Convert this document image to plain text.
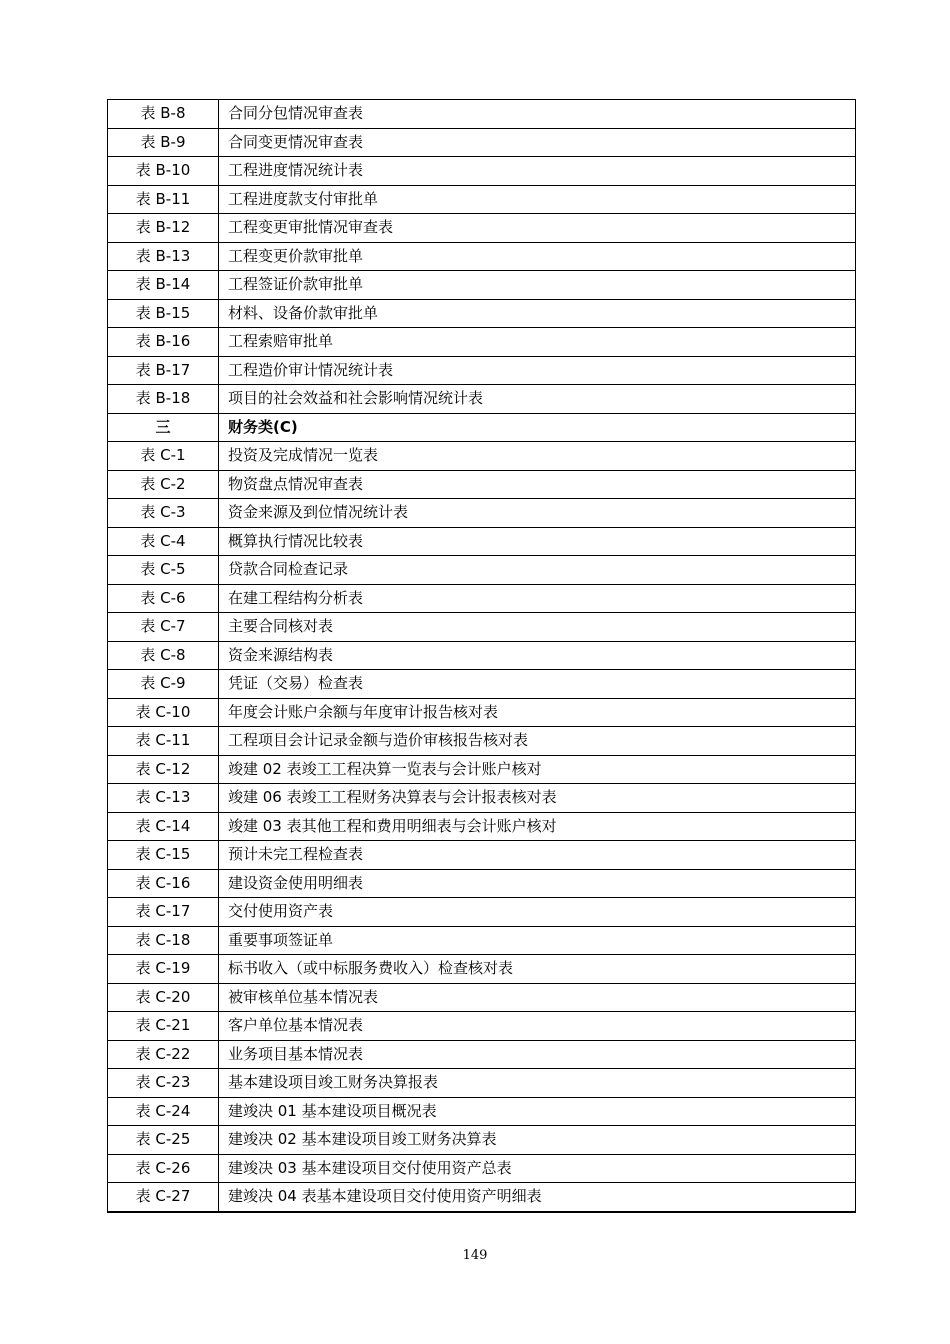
表 B-8	合同分包情况审查表
表 B-9	合同变更情况审查表
表 B-10	工程进度情况统计表
表 B-11	工程进度款支付审批单
表 B-12	工程变更审批情况审查表
表 B-13	工程变更价款审批单
表 B-14	工程签证价款审批单
表 B-15	材料、设备价款审批单
表 B-16	工程索赔审批单
表 B-17	工程造价审计情况统计表
表 B-18	项目的社会效益和社会影响情况统计表
三	财务类(C)
表 C-1	投资及完成情况一览表
表 C-2	物资盘点情况审查表
表 C-3	资金来源及到位情况统计表
表 C-4	概算执行情况比较表
表 C-5	贷款合同检查记录
表 C-6	在建工程结构分析表
表 C-7	主要合同核对表
表 C-8	资金来源结构表
表 C-9	凭证（交易）检查表
表 C-10	年度会计账户余额与年度审计报告核对表
表 C-11	工程项目会计记录金额与造价审核报告核对表
表 C-12	竣建 02 表竣工工程决算一览表与会计账户核对
表 C-13	竣建 06 表竣工工程财务决算表与会计报表核对表
表 C-14	竣建 03 表其他工程和费用明细表与会计账户核对
表 C-15	预计未完工程检查表
表 C-16	建设资金使用明细表
表 C-17	交付使用资产表
表 C-18	重要事项签证单
表 C-19	标书收入（或中标服务费收入）检查核对表
表 C-20	被审核单位基本情况表
表 C-21	客户单位基本情况表
表 C-22	业务项目基本情况表
表 C-23	基本建设项目竣工财务决算报表
表 C-24	建竣决 01 基本建设项目概况表
表 C-25	建竣决 02 基本建设项目竣工财务决算表
表 C-26	建竣决 03 基本建设项目交付使用资产总表
表 C-27	建竣决 04 表基本建设项目交付使用资产明细表
149
